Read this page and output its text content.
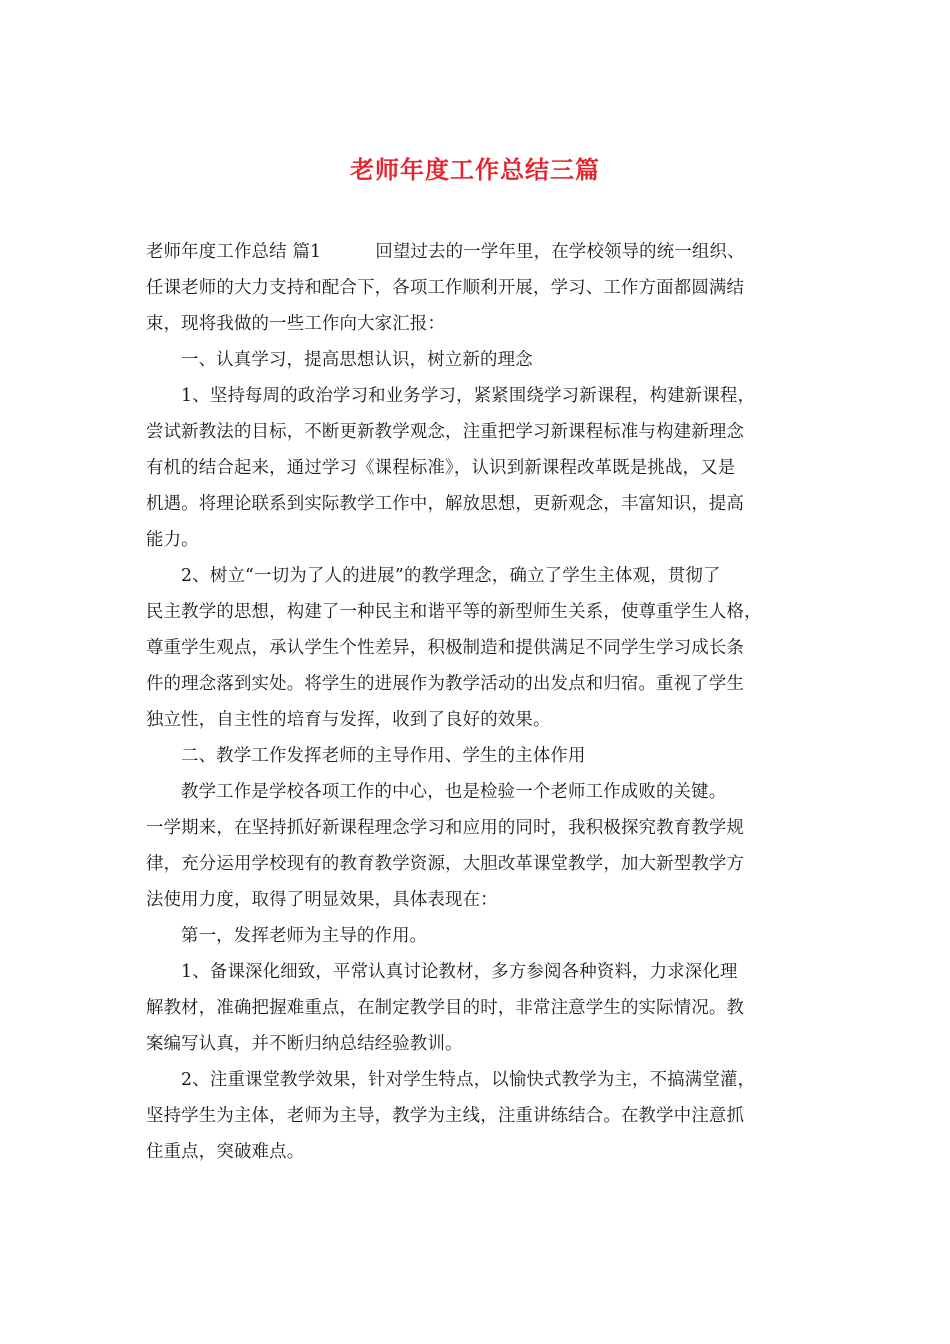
老师年度工作总结三篇

老师年度工作总结 篇1	回望过去的一学年里，在学校领导的统一组织、

任课老师的大力支持和配合下，各项工作顺利开展，学习、工作方面都圆满结

束，现将我做的一些工作向大家汇报：

一、认真学习，提高思想认识，树立新的理念

1、坚持每周的政治学习和业务学习，紧紧围绕学习新课程，构建新课程，

尝试新教法的目标，不断更新教学观念，注重把学习新课程标准与构建新理念

有机的结合起来，通过学习《课程标准》，认识到新课程改革既是挑战，又是

机遇。将理论联系到实际教学工作中，解放思想，更新观念，丰富知识，提高

能力。

2、树立“一切为了人的进展”的教学理念，确立了学生主体观，贯彻了

民主教学的思想，构建了一种民主和谐平等的新型师生关系，使尊重学生人格，

尊重学生观点，承认学生个性差异，积极制造和提供满足不同学生学习成长条

件的理念落到实处。将学生的进展作为教学活动的出发点和归宿。重视了学生

独立性，自主性的培育与发挥，收到了良好的效果。

二、教学工作发挥老师的主导作用、学生的主体作用

教学工作是学校各项工作的中心，也是检验一个老师工作成败的关键。

一学期来，在坚持抓好新课程理念学习和应用的同时，我积极探究教育教学规

律，充分运用学校现有的教育教学资源，大胆改革课堂教学，加大新型教学方

法使用力度，取得了明显效果，具体表现在：

第一，发挥老师为主导的作用。

1、备课深化细致，平常认真讨论教材，多方参阅各种资料，力求深化理

解教材，准确把握难重点，在制定教学目的时，非常注意学生的实际情况。教

案编写认真，并不断归纳总结经验教训。

2、注重课堂教学效果，针对学生特点，以愉快式教学为主，不搞满堂灌，

坚持学生为主体，老师为主导，教学为主线，注重讲练结合。在教学中注意抓

住重点，突破难点。
